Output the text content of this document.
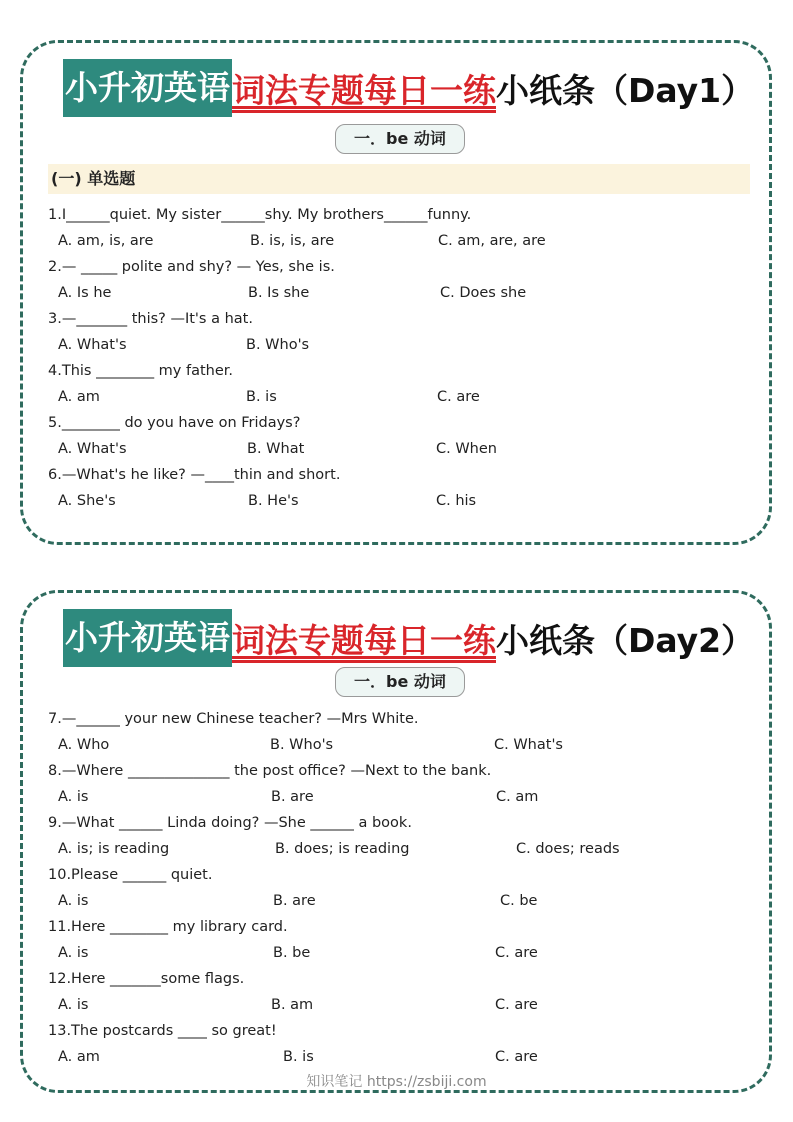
小升初英语 词法专题每日一练 小纸条（Day1）
一．be 动词
(一) 单选题
1.I______quiet. My sister______shy. My brothers______funny.
A. am, is, are	B. is, is, are	C. am, are, are
2.— _____ polite and shy? — Yes, she is.
A. Is he	B. Is she	C. Does she
3.—_______ this? —It's a hat.
A. What's	B. Who's
4.This ________ my father.
A. am	B. is	C. are
5.________ do you have on Fridays?
A. What's	B. What	C. When
6.—What's he like? —____thin and short.
A. She's	B. He's	C. his
小升初英语 词法专题每日一练 小纸条（Day2）
一．be 动词
7.—______ your new Chinese teacher? —Mrs White.
A. Who	B. Who's	C. What's
8.—Where ______________ the post office? —Next to the bank.
A. is	B. are	C. am
9.—What ______ Linda doing? —She ______ a book.
A. is; is reading	B. does; is reading	C. does; reads
10.Please ______ quiet.
A. is	B. are	C. be
11.Here ________ my library card.
A. is	B. be	C. are
12.Here _______some flags.
A. is	B. am	C. are
13.The postcards ____ so great!
A. am	B. is	C. are
知识笔记 https://zsbiji.com
